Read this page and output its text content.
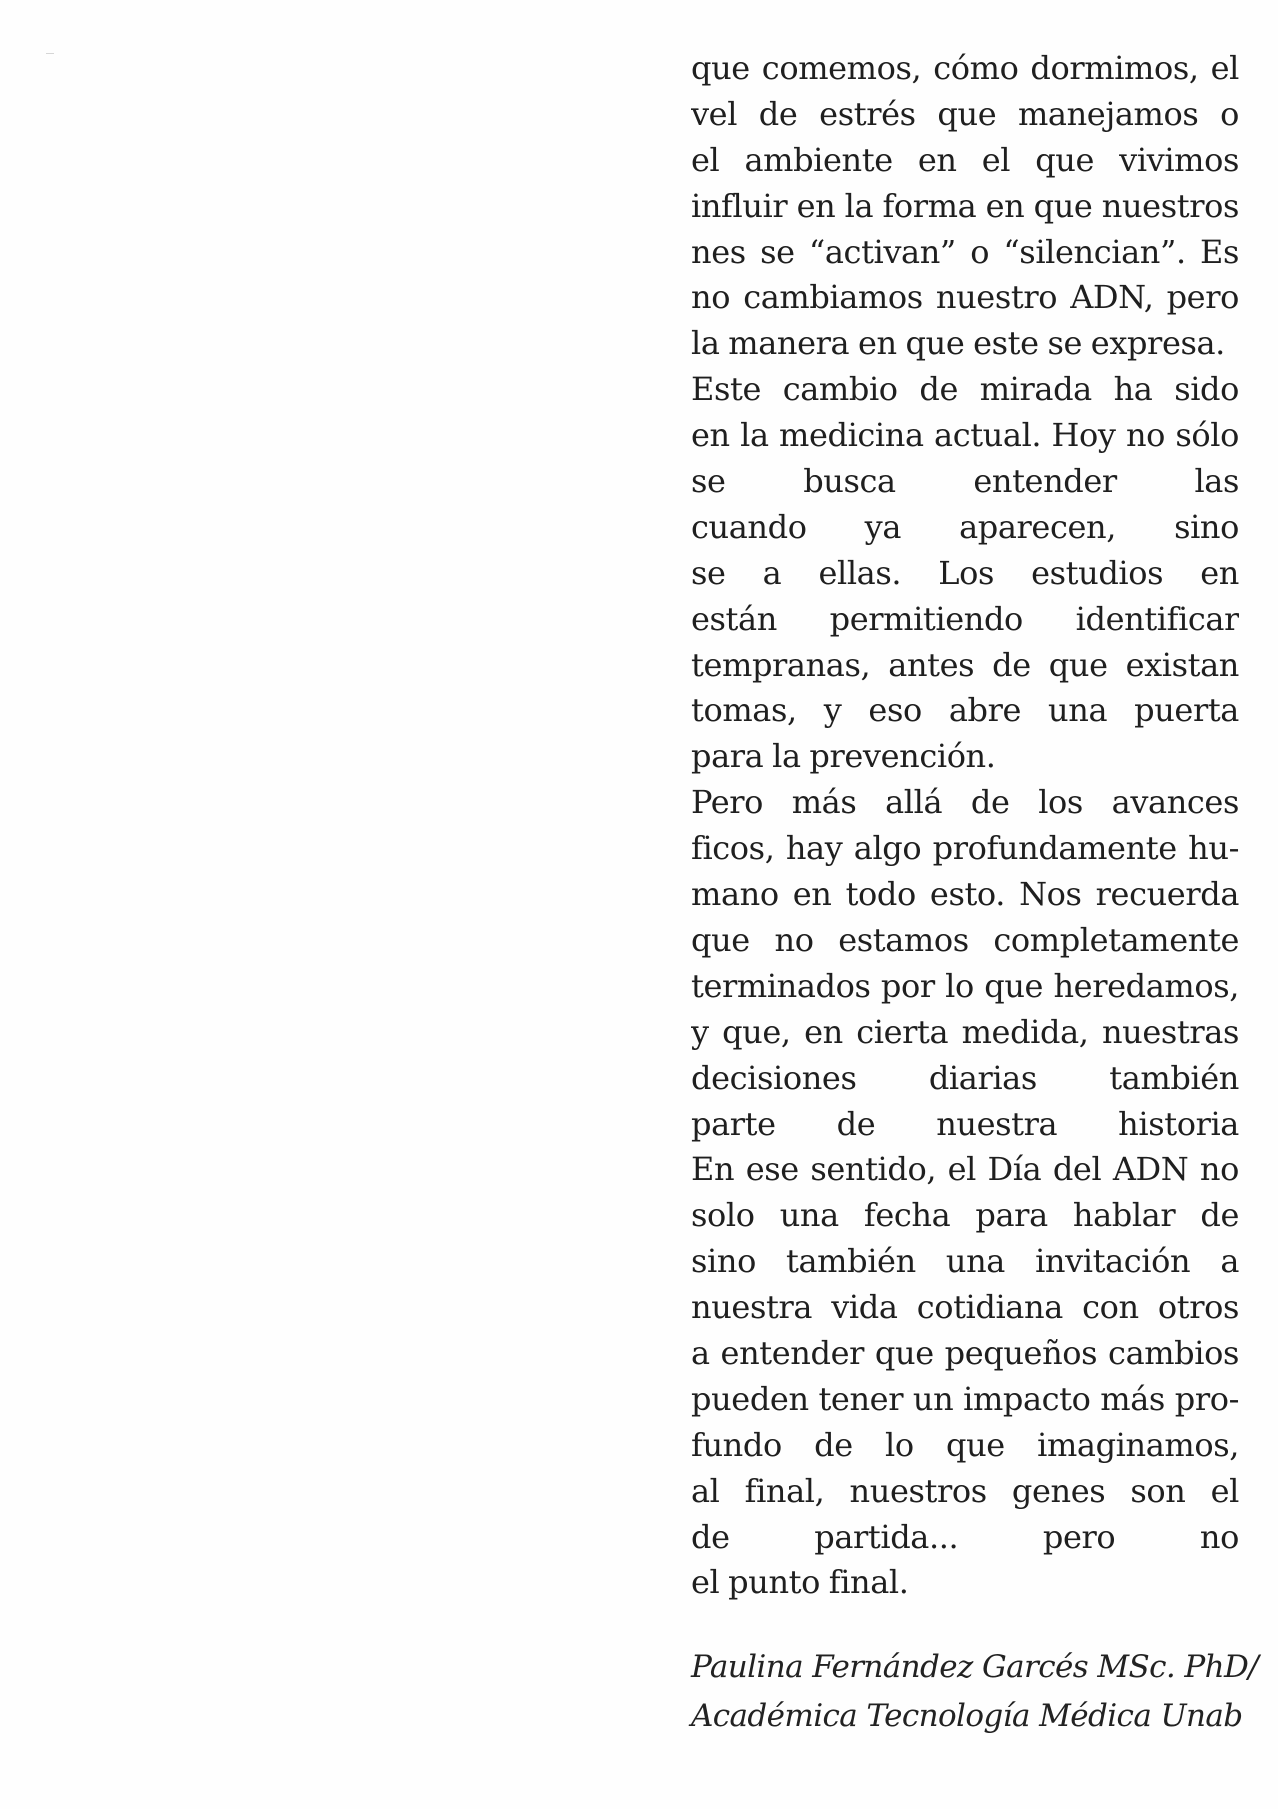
que comemos, cómo dormimos, el
vel de estrés que manejamos o
el ambiente en el que vivimos
influir en la forma en que nuestros
nes se “activan” o “silencian”. Es
no cambiamos nuestro ADN, pero
la manera en que este se expresa.
Este cambio de mirada ha sido
en la medicina actual. Hoy no sólo
se busca entender las
cuando ya aparecen, sino
se a ellas. Los estudios en
están permitiendo identificar
tempranas, antes de que existan
tomas, y eso abre una puerta
para la prevención.
Pero más allá de los avances
ficos, hay algo profundamente hu-
mano en todo esto. Nos recuerda
que no estamos completamente
terminados por lo que heredamos,
y que, en cierta medida, nuestras
decisiones diarias también
parte de nuestra historia
En ese sentido, el Día del ADN no
solo una fecha para hablar de
sino también una invitación a
nuestra vida cotidiana con otros
a entender que pequeños cambios
pueden tener un impacto más pro-
fundo de lo que imaginamos,
al final, nuestros genes son el
de partida... pero no
el punto final.
Paulina Fernández Garcés MSc. PhD/
Académica Tecnología Médica Unab
